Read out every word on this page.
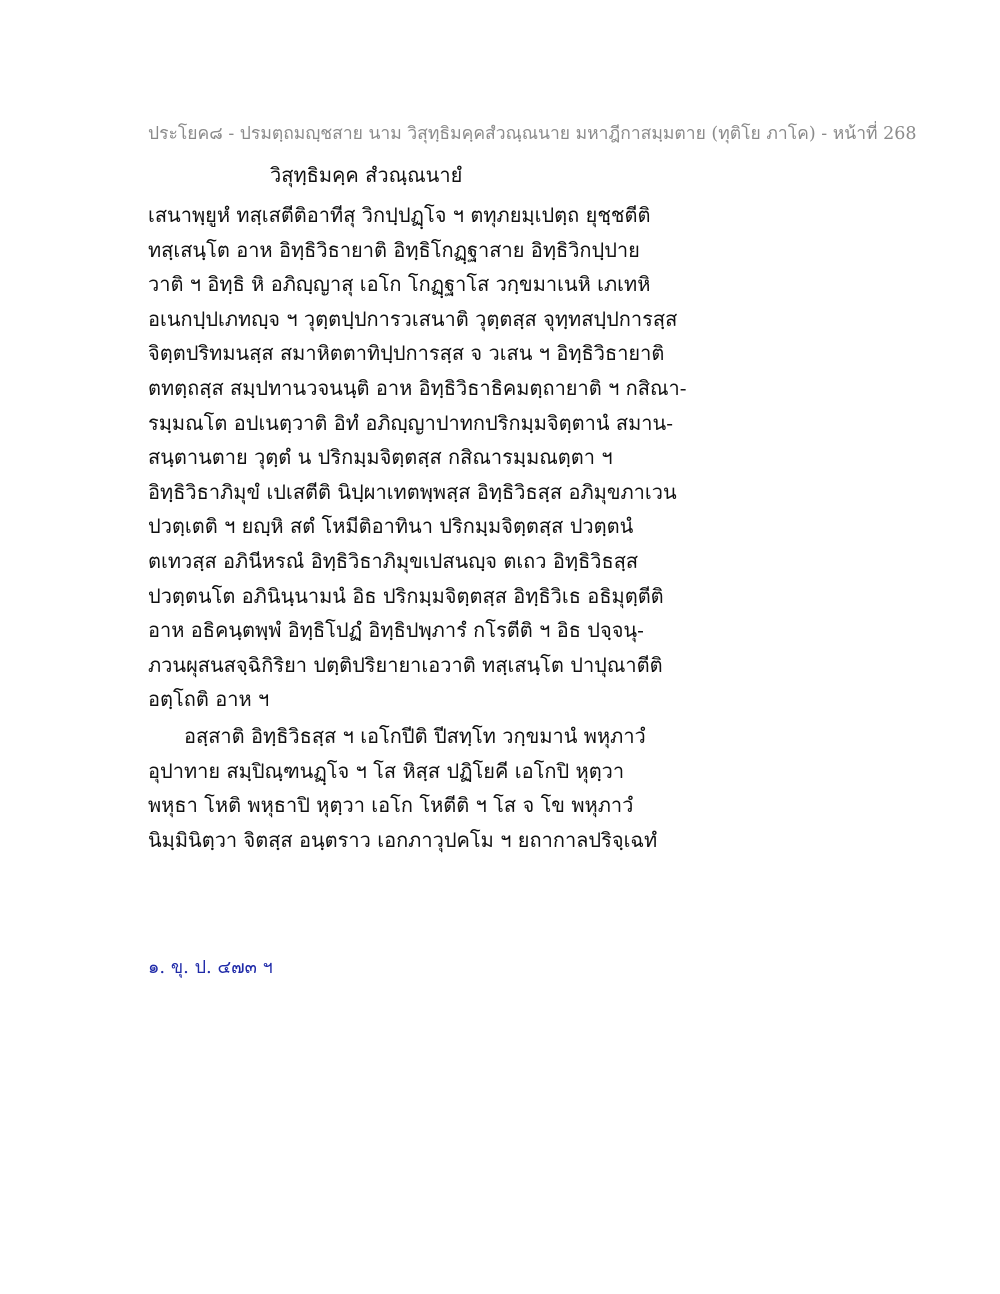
ประโยค๘ - ปรมตฺถมญฺชสาย นาม วิสุทฺธิมคฺคสํวณฺณนาย มหาฎีกาสมฺมตาย (ทุติโย ภาโค) - หน้าที่ 268
วิสุทฺธิมคฺค สํวณฺณนายํ
เสนาพฺยูหํ ทสฺเสตีติอาทีสุ วิกปฺปฏฺโจ ฯ ตทุภยมฺเปตฺถ ยุชฺชตีติ
ทสฺเสนฺโต อาห อิทฺธิวิธายาติ อิทฺธิโกฏฺฐาสาย อิทฺธิวิกปฺปาย
วาติ ฯ อิทฺธิ หิ อภิญฺญาสุ เอโก โกฏฺฐาโส วกฺขมาเนหิ เภเทหิ
อเนกปฺปเภทญฺจ ฯ วุตฺตปฺปการวเสนาติ วุตฺตสฺส จุทฺทสปฺปการสฺส
จิตฺตปริทมนสฺส สมาหิตตาทิปฺปการสฺส จ วเสน ฯ อิทฺธิวิธายาติ
ตทตฺถสฺส สมฺปทานวจนนฺติ อาห อิทฺธิวิธาธิคมตฺถายาติ ฯ กสิณา-
รมฺมณโต อปเนตฺวาติ อิทํ อภิญฺญาปาทกปริกมฺมจิตฺตานํ สมาน-
สนฺตานตาย วุตฺตํ น ปริกมฺมจิตฺตสฺส กสิณารมฺมณตฺตา ฯ
อิทฺธิวิธาภิมุขํ เปเสตีติ นิปฺผาเทตพฺพสฺส อิทฺธิวิธสฺส อภิมุขภาเวน
ปวตฺเตติ ฯ ยญฺหิ สตํ โหมีติอาทินา ปริกมฺมจิตฺตสฺส ปวตฺตนํ
ตเทวสฺส อภินีหรณํ อิทฺธิวิธาภิมุขเปสนญฺจ ตเถว อิทฺธิวิธสฺส
ปวตฺตนโต อภินินฺนามนํ อิธ ปริกมฺมจิตฺตสฺส อิทฺธิวิเธ อธิมุตฺตีติ
อาห อธิคนฺตพฺพํ อิทฺธิโปฏํ อิทฺธิปพฺภารํ กโรตีติ ฯ อิธ ปจฺจนุ-
ภวนผุสนสจฺฉิกิริยา ปตฺติปริยายาเอวาติ ทสฺเสนฺโต ปาปุณาตีติ
อตฺโถติ อาห ฯ
อสฺสาติ อิทฺธิวิธสฺส ฯ เอโกปีติ ปีสทฺโท วกฺขมานํ พหุภาวํ
อุปาทาย สมฺปิณฺฑนฏฺโจ ฯ โส หิสฺส ปฏิโยคี เอโกปิ หุตฺวา
พหุธา โหติ พหุธาปิ หุตฺวา เอโก โหตีติ ฯ โส จ โข พหุภาวํ
นิมฺมินิตฺวา จิตสฺส อนฺตราว เอกภาวุปคโม ฯ ยถากาลปริจฺเฉทํ
๑. ขุ. ป. ๔๗๓ ฯ
